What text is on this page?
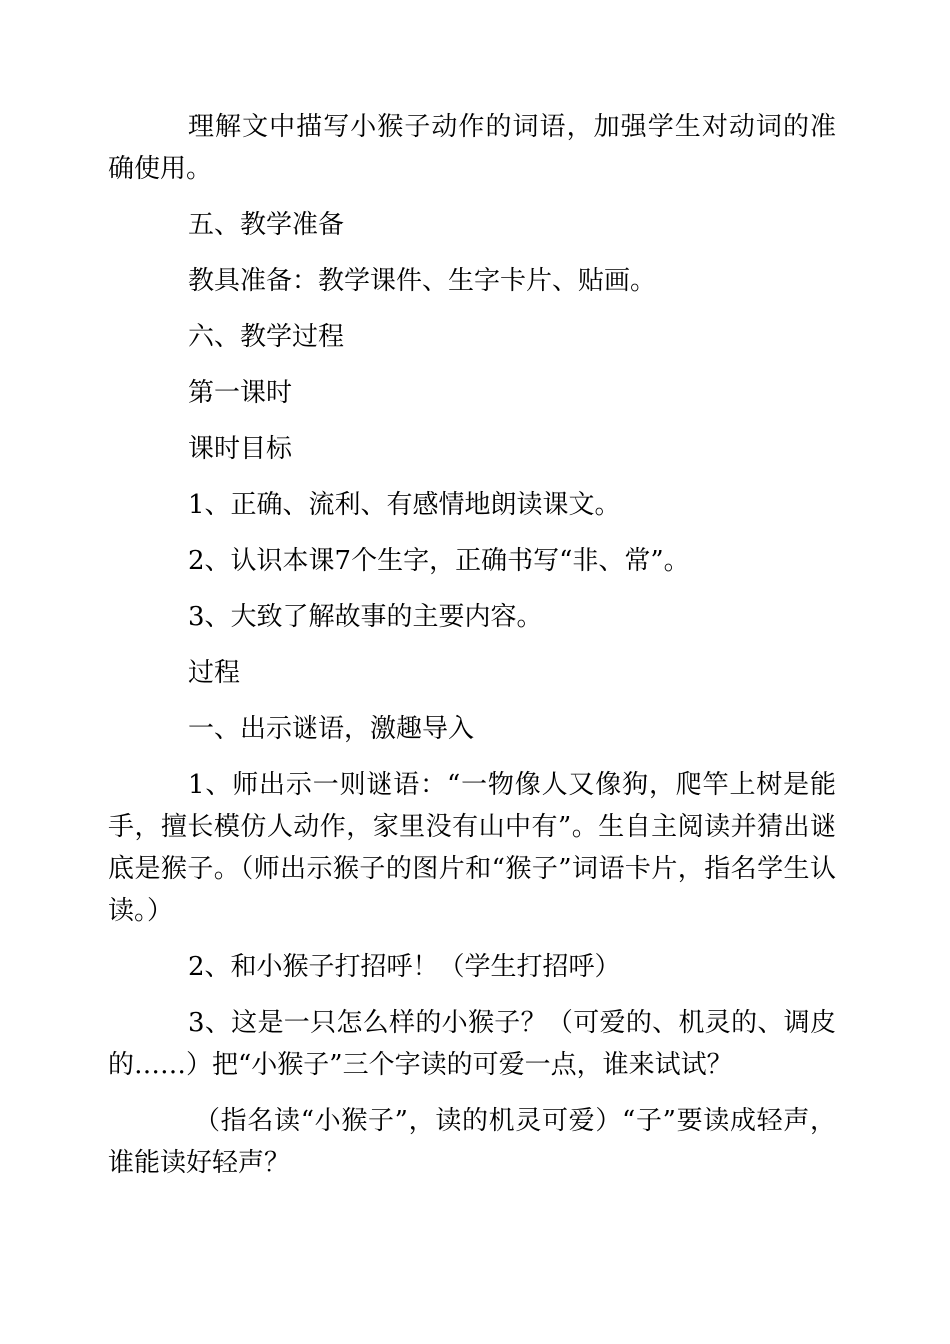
理解文中描写小猴子动作的词语，加强学生对动词的准确使用。

五、教学准备

教具准备：教学课件、生字卡片、贴画。

六、教学过程

第一课时

课时目标

1、正确、流利、有感情地朗读课文。

2、认识本课7个生字，正确书写“非、常”。

3、大致了解故事的主要内容。

过程

一、出示谜语，激趣导入

1、师出示一则谜语：“一物像人又像狗，爬竿上树是能手，擅长模仿人动作，家里没有山中有”。生自主阅读并猜出谜底是猴子。（师出示猴子的图片和“猴子”词语卡片，指名学生认读。）

2、和小猴子打招呼！（学生打招呼）

3、这是一只怎么样的小猴子？（可爱的、机灵的、调皮的……）把“小猴子”三个字读的可爱一点，谁来试试？

（指名读“小猴子”，读的机灵可爱）“子”要读成轻声，谁能读好轻声？
